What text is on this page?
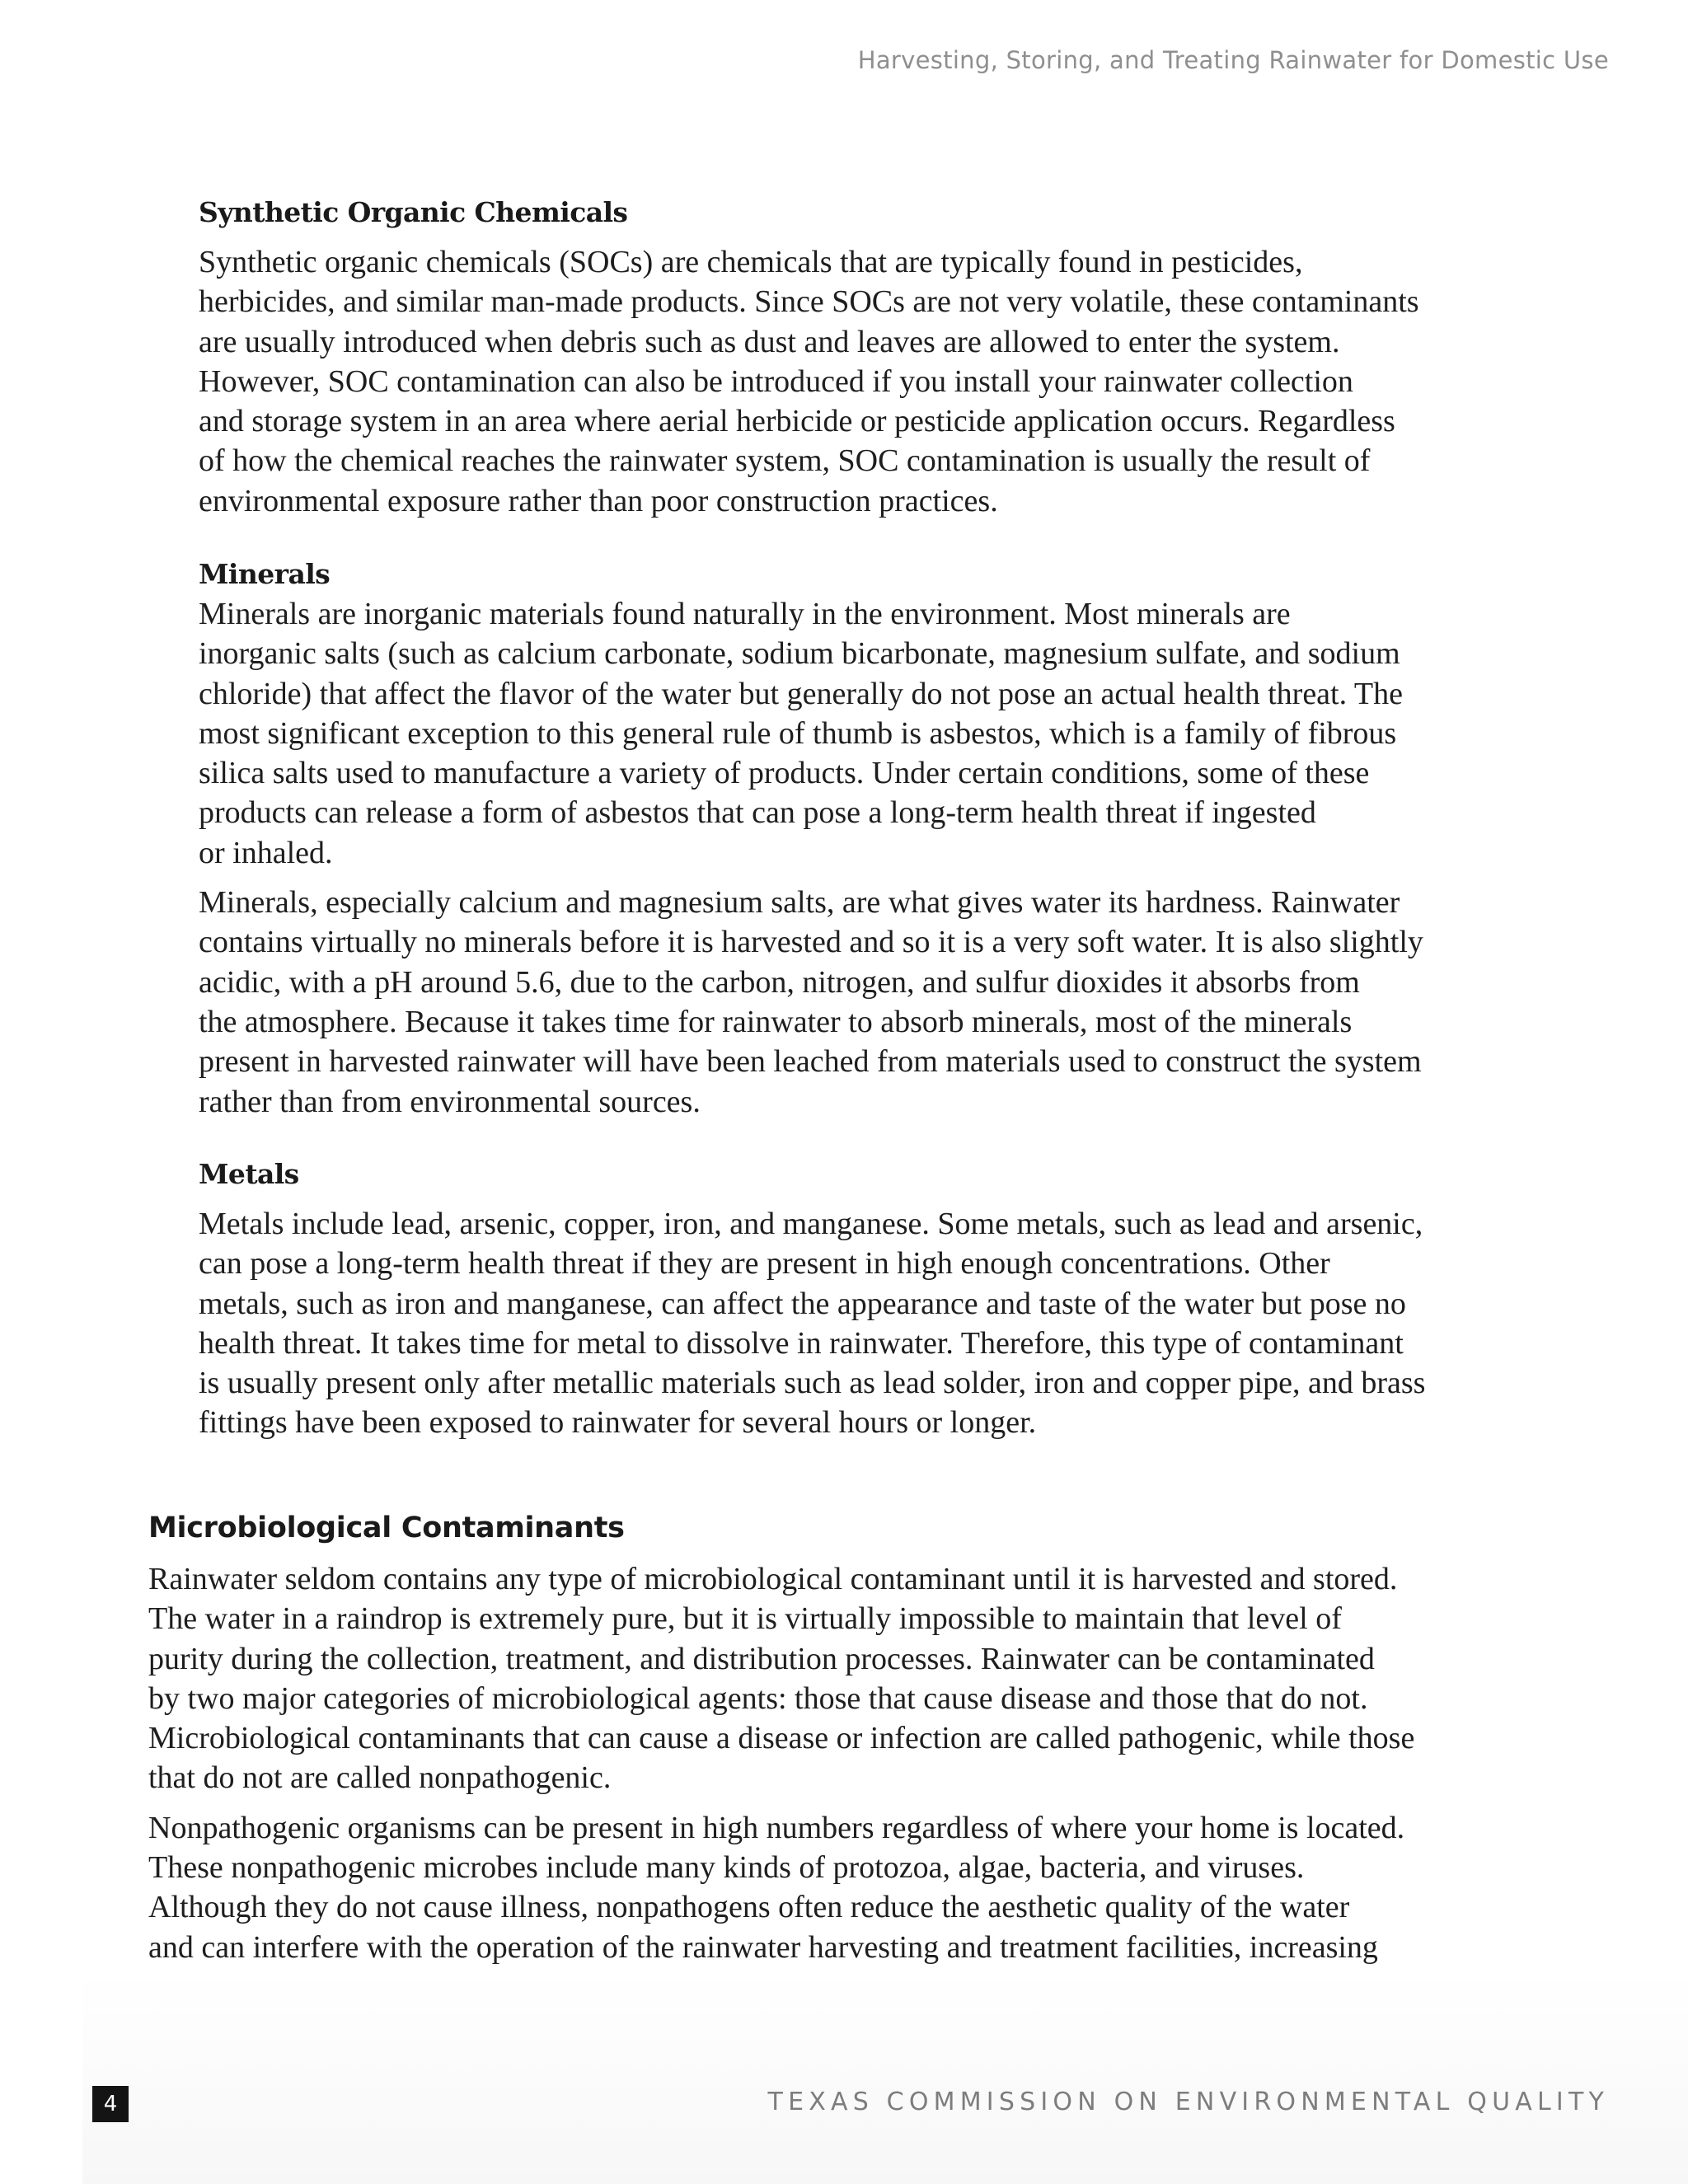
Harvesting, Storing, and Treating Rainwater for Domestic Use
Synthetic Organic Chemicals

Synthetic organic chemicals (SOCs) are chemicals that are typically found in pesticides,
herbicides, and similar man-made products. Since SOCs are not very volatile, these contaminants
are usually introduced when debris such as dust and leaves are allowed to enter the system.
However, SOC contamination can also be introduced if you install your rainwater collection
and storage system in an area where aerial herbicide or pesticide application occurs. Regardless
of how the chemical reaches the rainwater system, SOC contamination is usually the result of
environmental exposure rather than poor construction practices.

Minerals

Minerals are inorganic materials found naturally in the environment. Most minerals are
inorganic salts (such as calcium carbonate, sodium bicarbonate, magnesium sulfate, and sodium
chloride) that affect the flavor of the water but generally do not pose an actual health threat. The
most significant exception to this general rule of thumb is asbestos, which is a family of fibrous
silica salts used to manufacture a variety of products. Under certain conditions, some of these
products can release a form of asbestos that can pose a long-term health threat if ingested
or inhaled.

Minerals, especially calcium and magnesium salts, are what gives water its hardness. Rainwater
contains virtually no minerals before it is harvested and so it is a very soft water. It is also slightly
acidic, with a pH around 5.6, due to the carbon, nitrogen, and sulfur dioxides it absorbs from
the atmosphere. Because it takes time for rainwater to absorb minerals, most of the minerals
present in harvested rainwater will have been leached from materials used to construct the system
rather than from environmental sources.

Metals

Metals include lead, arsenic, copper, iron, and manganese. Some metals, such as lead and arsenic,
can pose a long-term health threat if they are present in high enough concentrations. Other
metals, such as iron and manganese, can affect the appearance and taste of the water but pose no
health threat. It takes time for metal to dissolve in rainwater. Therefore, this type of contaminant
is usually present only after metallic materials such as lead solder, iron and copper pipe, and brass
fittings have been exposed to rainwater for several hours or longer.

Microbiological Contaminants

Rainwater seldom contains any type of microbiological contaminant until it is harvested and stored.
The water in a raindrop is extremely pure, but it is virtually impossible to maintain that level of
purity during the collection, treatment, and distribution processes. Rainwater can be contaminated
by two major categories of microbiological agents: those that cause disease and those that do not.
Microbiological contaminants that can cause a disease or infection are called pathogenic, while those
that do not are called nonpathogenic.

Nonpathogenic organisms can be present in high numbers regardless of where your home is located.
These nonpathogenic microbes include many kinds of protozoa, algae, bacteria, and viruses.
Although they do not cause illness, nonpathogens often reduce the aesthetic quality of the water
and can interfere with the operation of the rainwater harvesting and treatment facilities, increasing

4	TEXAS COMMISSION ON ENVIRONMENTAL QUALITY
